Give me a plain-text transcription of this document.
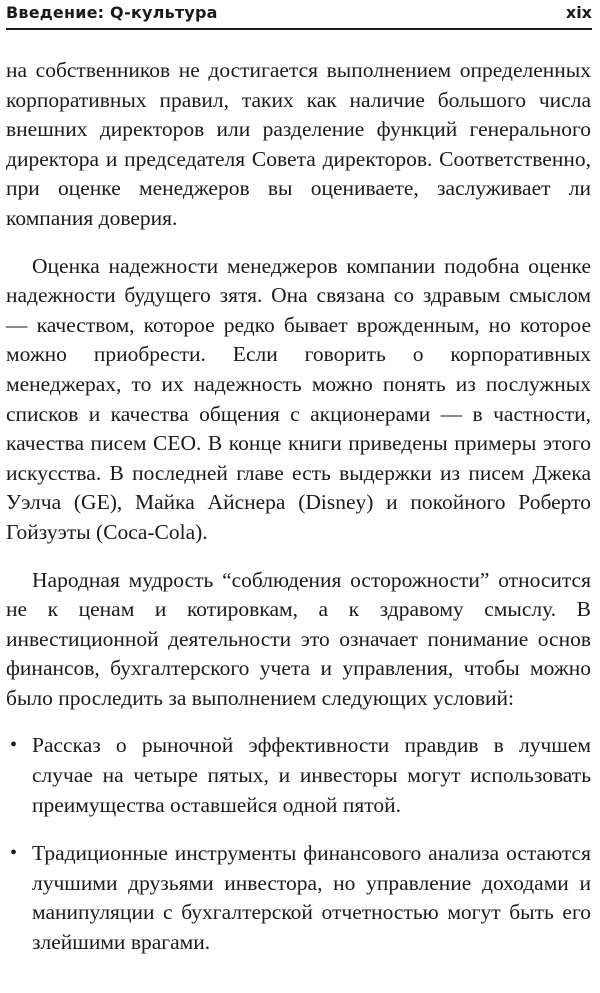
Введение: Q-культура	xix

на собственников не достигается выполнением определенных корпоративных правил, таких как наличие большого числа внешних директоров или разделение функций генерального директора и председателя Совета директоров. Соответственно, при оценке менеджеров вы оцениваете, заслуживает ли компания доверия.

Оценка надежности менеджеров компании подобна оценке надежности будущего зятя. Она связана со здравым смыслом — качеством, которое редко бывает врожденным, но которое можно приобрести. Если говорить о корпоративных менеджерах, то их надежность можно понять из послужных списков и качества общения с акционерами — в частности, качества писем CEO. В конце книги приведены примеры этого искусства. В последней главе есть выдержки из писем Джека Уэлча (GE), Майка Айснера (Disney) и покойного Роберто Гойзуэты (Coca-Cola).

Народная мудрость “соблюдения осторожности” относится не к ценам и котировкам, а к здравому смыслу. В инвестиционной деятельности это означает понимание основ финансов, бухгалтерского учета и управления, чтобы можно было проследить за выполнением следующих условий:

• Рассказ о рыночной эффективности правдив в лучшем случае на четыре пятых, и инвесторы могут использовать преимущества оставшейся одной пятой.
• Традиционные инструменты финансового анализа остаются лучшими друзьями инвестора, но управление доходами и манипуляции с бухгалтерской отчетностью могут быть его злейшими врагами.
